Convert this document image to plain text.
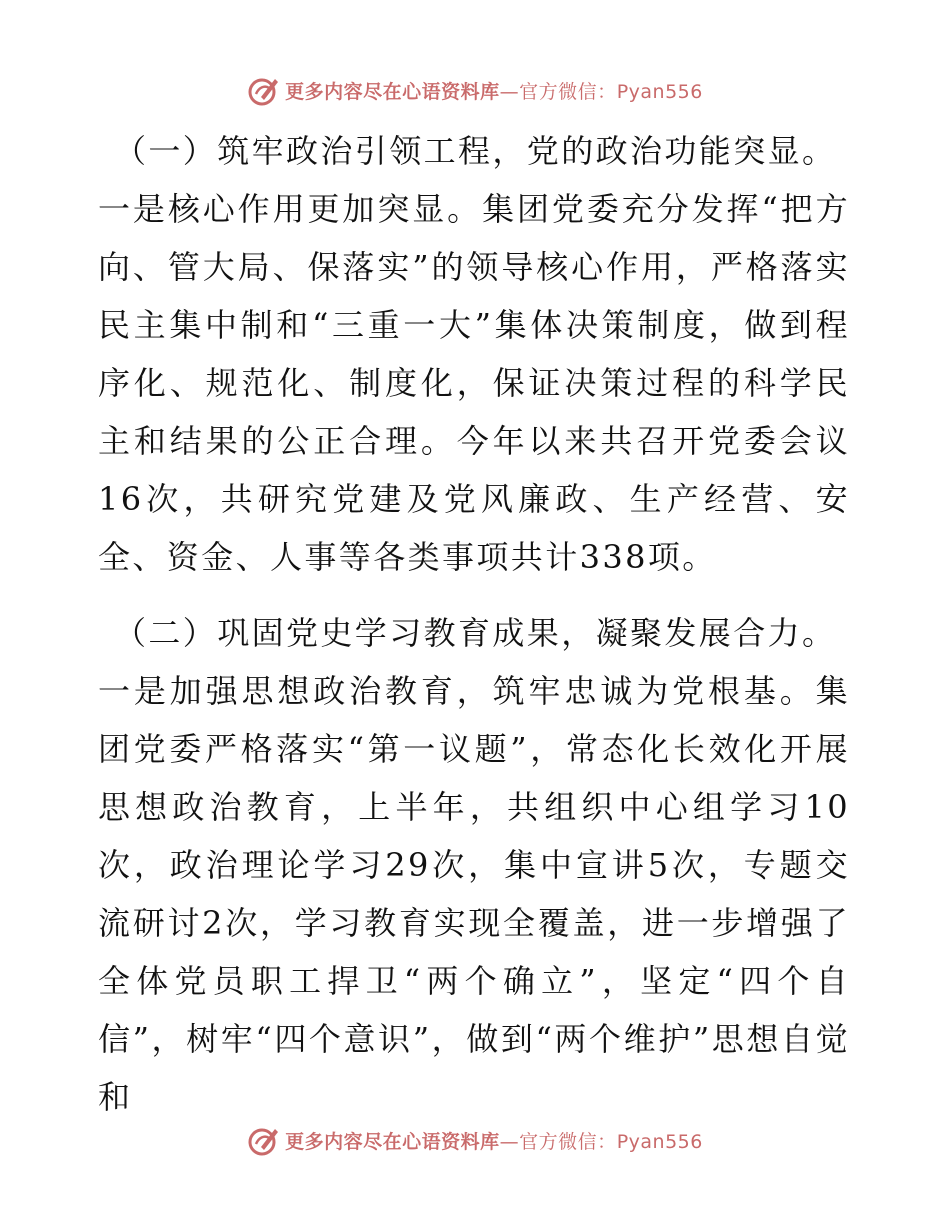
更多内容尽在心语资料库—官方微信：Pyan556

（一）筑牢政治引领工程，党的政治功能突显。

一是核心作用更加突显。集团党委充分发挥“把方向、管大局、保落实”的领导核心作用，严格落实民主集中制和“三重一大”集体决策制度，做到程序化、规范化、制度化，保证决策过程的科学民主和结果的公正合理。今年以来共召开党委会议16次，共研究党建及党风廉政、生产经营、安全、资金、人事等各类事项共计338项。

（二）巩固党史学习教育成果，凝聚发展合力。

一是加强思想政治教育，筑牢忠诚为党根基。集团党委严格落实“第一议题”，常态化长效化开展思想政治教育，上半年，共组织中心组学习10次，政治理论学习29次，集中宣讲5次，专题交流研讨2次，学习教育实现全覆盖，进一步增强了全体党员职工捍卫“两个确立”，坚定“四个自信”，树牢“四个意识”，做到“两个维护”思想自觉和

更多内容尽在心语资料库—官方微信：Pyan556
